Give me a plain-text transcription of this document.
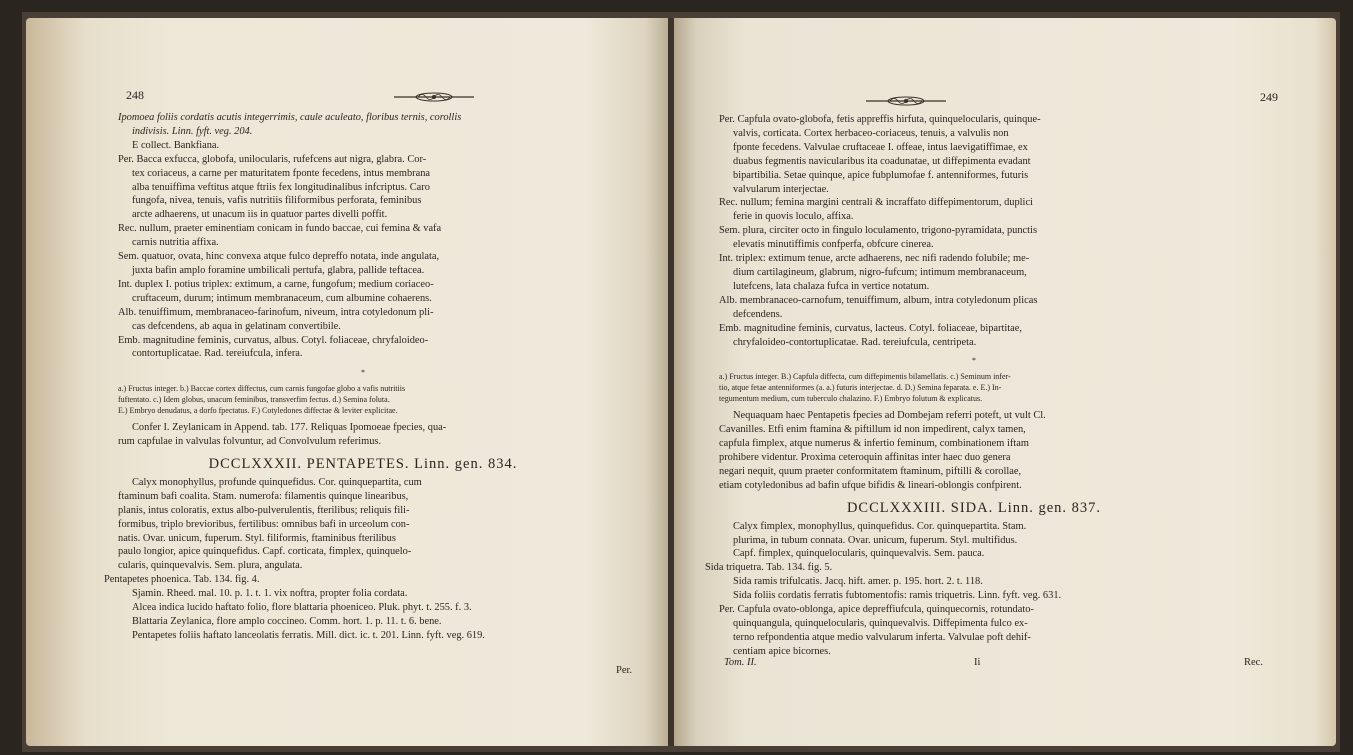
248

Ipomoea foliis cordatis acutis integerrimis, caule aculeato, floribus ternis, corollis

indivisis. Linn. fyft. veg. 204.

E collect. Bankfiana.

Per. Bacca exfucca, globofa, unilocularis, rufefcens aut nigra, glabra. Cor-

tex coriaceus, a carne per maturitatem fponte fecedens, intus membrana

alba tenuiffima veftitus atque ftriis fex longitudinalibus infcriptus. Caro

fungofa, nivea, tenuis, vafis nutritiis filiformibus perforata, feminibus

arcte adhaerens, ut unacum iis in quatuor partes divelli poffit.

Rec. nullum, praeter eminentiam conicam in fundo baccae, cui femina & vafa

carnis nutritia affixa.

Sem. quatuor, ovata, hinc convexa atque fulco depreffo notata, inde angulata,

juxta bafin amplo foramine umbilicali pertufa, glabra, pallide teftacea.

Int. duplex I. potius triplex: extimum, a carne, fungofum; medium coriaceo-

cruftaceum, durum; intimum membranaceum, cum albumine cohaerens.

Alb. tenuiffimum, membranaceo-farinofum, niveum, intra cotyledonum pli-

cas defcendens, ab aqua in gelatinam convertibile.

Emb. magnitudine feminis, curvatus, albus. Cotyl. foliaceae, chryfaloideo-

contortuplicatae. Rad. tereiufcula, infera.

*

a.) Fructus integer. b.) Baccae cortex diffectus, cum carnis fungofae globo a vafis nutritiis

fuftentato. c.) Idem globus, unacum feminibus, transverfim fectus. d.) Semina foluta.

E.) Embryo denudatus, a dorfo fpectatus. F.) Cotyledones diffectae & leviter explicitae.

Confer I. Zeylanicam in Append. tab. 177. Reliquas Ipomoeae fpecies, qua-

rum capfulae in valvulas folvuntur, ad Convolvulum referimus.

DCCLXXXII. PENTAPETES. Linn. gen. 834.

Calyx monophyllus, profunde quinquefidus. Cor. quinquepartita, cum

ftaminum bafi coalita. Stam. numerofa: filamentis quinque linearibus,

planis, intus coloratis, extus albo-pulverulentis, fterilibus; reliquis fili-

formibus, triplo brevioribus, fertilibus: omnibus bafi in urceolum con-

natis. Ovar. unicum, fuperum. Styl. filiformis, ftaminibus fterilibus

paulo longior, apice quinquefidus. Capf. corticata, fimplex, quinquelo-

cularis, quinquevalvis. Sem. plura, angulata.

Pentapetes phoenica. Tab. 134. fig. 4.

Sjamin. Rheed. mal. 10. p. 1. t. 1. vix noftra, propter folia cordata.

Alcea indica lucido haftato folio, flore blattaria phoeniceo. Pluk. phyt. t. 255. f. 3.

Blattaria Zeylanica, flore amplo coccineo. Comm. hort. 1. p. 11. t. 6. bene.

Pentapetes foliis haftato lanceolatis ferratis. Mill. dict. ic. t. 201. Linn. fyft. veg. 619.

Per.
249

Per. Capfula ovato-globofa, fetis appreffis hirfuta, quinquelocularis, quinque-

valvis, corticata. Cortex herbaceo-coriaceus, tenuis, a valvulis non

fponte fecedens. Valvulae cruftaceae I. offeae, intus laevigatiffimae, ex

duabus fegmentis navicularibus ita coadunatae, ut diffepimenta evadant

bipartibilia. Setae quinque, apice fubplumofae f. antenniformes, futuris

valvularum interjectae.

Rec. nullum; femina margini centrali & incraffato diffepimentorum, duplici

ferie in quovis loculo, affixa.

Sem. plura, circiter octo in fingulo loculamento, trigono-pyramidata, punctis

elevatis minutiffimis confperfa, obfcure cinerea.

Int. triplex: extimum tenue, arcte adhaerens, nec nifi radendo folubile; me-

dium cartilagineum, glabrum, nigro-fufcum; intimum membranaceum,

lutefcens, lata chalaza fufca in vertice notatum.

Alb. membranaceo-carnofum, tenuiffimum, album, intra cotyledonum plicas

defcendens.

Emb. magnitudine feminis, curvatus, lacteus. Cotyl. foliaceae, bipartitae,

chryfaloideo-contortuplicatae. Rad. tereiufcula, centripeta.

*

a.) Fructus integer. B.) Capfula diffecta, cum diffepimentis bilamellatis. c.) Seminum infer-

tio, atque fetae antenniformes (a. a.) futuris interjectae. d. D.) Semina feparata. e. E.) In-

tegumentum medium, cum tuberculo chalazino. F.) Embryo folutum & explicatus.

Nequaquam haec Pentapetis fpecies ad Dombejam referri poteft, ut vult Cl.

Cavanilles. Etfi enim ftamina & piftillum id non impedirent, calyx tamen,

capfula fimplex, atque numerus & infertio feminum, combinationem iftam

prohibere videntur. Proxima ceteroquin affinitas inter haec duo genera

negari nequit, quum praeter conformitatem ftaminum, piftilli & corollae,

etiam cotyledonibus ad bafin ufque bifidis & lineari-oblongis confpirent.

DCCLXXXIII. SIDA. Linn. gen. 837.

Calyx fimplex, monophyllus, quinquefidus. Cor. quinquepartita. Stam.

plurima, in tubum connata. Ovar. unicum, fuperum. Styl. multifidus.

Capf. fimplex, quinquelocularis, quinquevalvis. Sem. pauca.

Sida triquetra. Tab. 134. fig. 5.

Sida ramis trifulcatis. Jacq. hift. amer. p. 195. hort. 2. t. 118.

Sida foliis cordatis ferratis fubtomentofis: ramis triquetris. Linn. fyft. veg. 631.

Per. Capfula ovato-oblonga, apice depreffiufcula, quinquecornis, rotundato-

quinquangula, quinquelocularis, quinquevalvis. Diffepimenta fulco ex-

terno refpondentia atque medio valvularum inferta. Valvulae poft dehif-

centiam apice bicornes.

Tom. II.	Ii	Rec.
